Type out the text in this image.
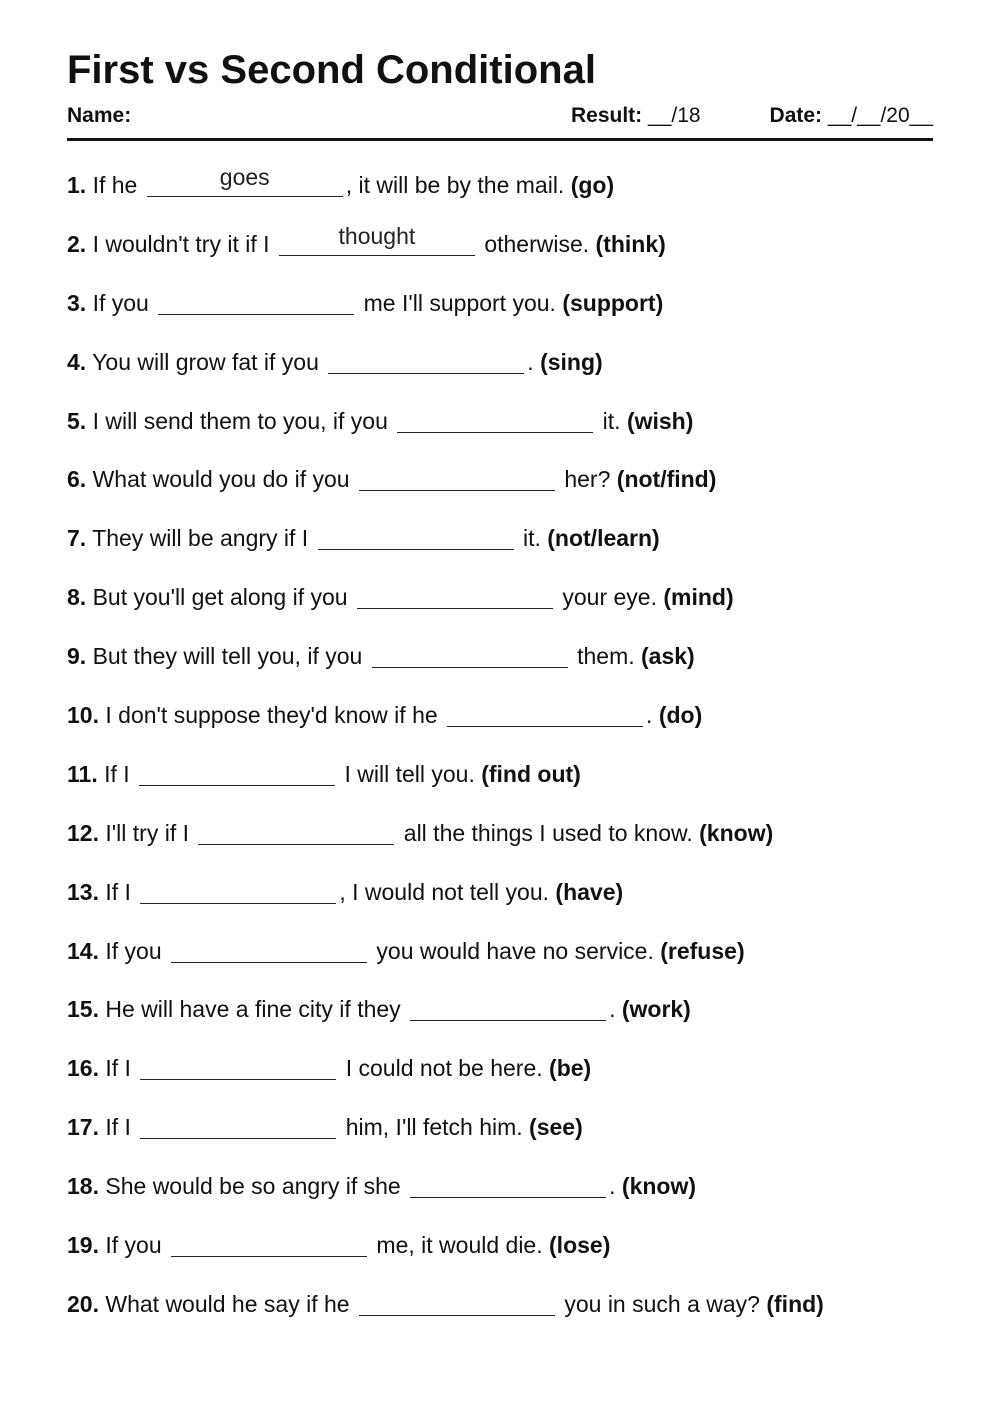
First vs Second Conditional
Name:	Result: __/18	Date: __/__/20__
1. If he	goes	, it will be by the mail. (go)
2. I wouldn't try it if I	thought	otherwise. (think)
3. If you	me I'll support you. (support)
4. You will grow fat if you	. (sing)
5. I will send them to you, if you	it. (wish)
6. What would you do if you	her? (not/find)
7. They will be angry if I	it. (not/learn)
8. But you'll get along if you	your eye. (mind)
9. But they will tell you, if you	them. (ask)
10. I don't suppose they'd know if he	. (do)
11. If I	I will tell you. (find out)
12. I'll try if I	all the things I used to know. (know)
13. If I	, I would not tell you. (have)
14. If you	you would have no service. (refuse)
15. He will have a fine city if they	. (work)
16. If I	I could not be here. (be)
17. If I	him, I'll fetch him. (see)
18. She would be so angry if she	. (know)
19. If you	me, it would die. (lose)
20. What would he say if he	you in such a way? (find)
